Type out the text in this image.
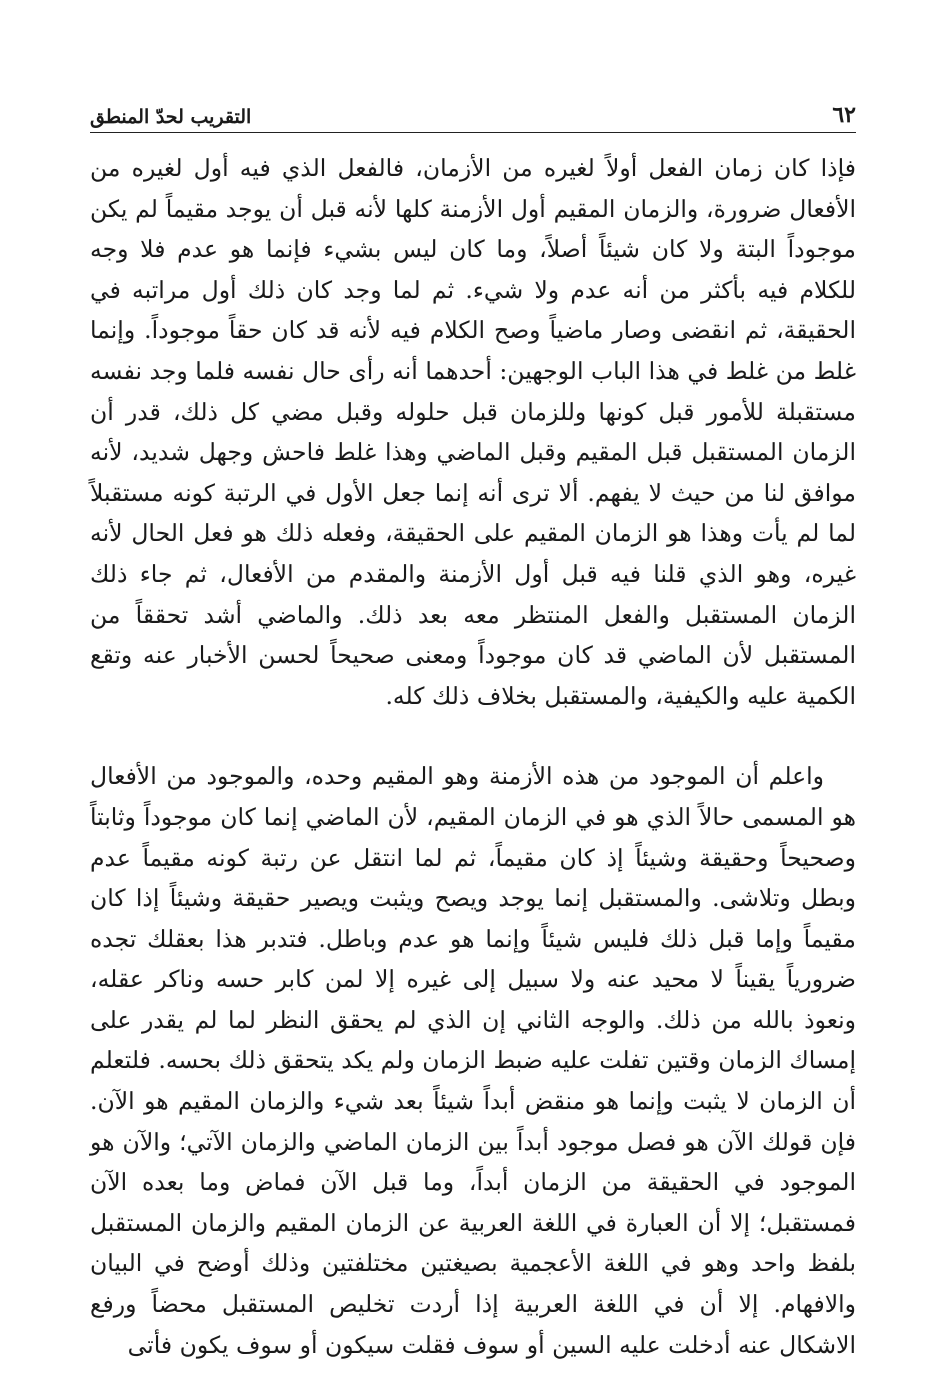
٦٢
التقريب لحدّ المنطق

فإذا كان زمان الفعل أولاً لغيره من الأزمان، فالفعل الذي فيه أول لغيره من الأفعال ضرورة، والزمان المقيم أول الأزمنة كلها لأنه قبل أن يوجد مقيماً لم يكن موجوداً البتة ولا كان شيئاً أصلاً، وما كان ليس بشيء فإنما هو عدم فلا وجه للكلام فيه بأكثر من أنه عدم ولا شيء. ثم لما وجد كان ذلك أول مراتبه في الحقيقة، ثم انقضى وصار ماضياً وصح الكلام فيه لأنه قد كان حقاً موجوداً. وإنما غلط من غلط في هذا الباب الوجهين: أحدهما أنه رأى حال نفسه فلما وجد نفسه مستقبلة للأمور قبل كونها وللزمان قبل حلوله وقبل مضي كل ذلك، قدر أن الزمان المستقبل قبل المقيم وقبل الماضي وهذا غلط فاحش وجهل شديد، لأنه موافق لنا من حيث لا يفهم. ألا ترى أنه إنما جعل الأول في الرتبة كونه مستقبلاً لما لم يأت وهذا هو الزمان المقيم على الحقيقة، وفعله ذلك هو فعل الحال لأنه غيره، وهو الذي قلنا فيه قبل أول الأزمنة والمقدم من الأفعال، ثم جاء ذلك الزمان المستقبل والفعل المنتظر معه بعد ذلك. والماضي أشد تحققاً من المستقبل لأن الماضي قد كان موجوداً ومعنى صحيحاً لحسن الأخبار عنه وتقع الكمية عليه والكيفية، والمستقبل بخلاف ذلك كله.

واعلم أن الموجود من هذه الأزمنة وهو المقيم وحده، والموجود من الأفعال هو المسمى حالاً الذي هو في الزمان المقيم، لأن الماضي إنما كان موجوداً وثابتاً وصحيحاً وحقيقة وشيئاً إذ كان مقيماً، ثم لما انتقل عن رتبة كونه مقيماً عدم وبطل وتلاشى. والمستقبل إنما يوجد ويصح ويثبت ويصير حقيقة وشيئاً إذا كان مقيماً وإما قبل ذلك فليس شيئاً وإنما هو عدم وباطل. فتدبر هذا بعقلك تجده ضرورياً يقيناً لا محيد عنه ولا سبيل إلى غيره إلا لمن كابر حسه وناكر عقله، ونعوذ بالله من ذلك. والوجه الثاني إن الذي لم يحقق النظر لما لم يقدر على إمساك الزمان وقتين تفلت عليه ضبط الزمان ولم يكد يتحقق ذلك بحسه. فلتعلم أن الزمان لا يثبت وإنما هو منقض أبداً شيئاً بعد شيء والزمان المقيم هو الآن. فإن قولك الآن هو فصل موجود أبداً بين الزمان الماضي والزمان الآتي؛ والآن هو الموجود في الحقيقة من الزمان أبداً، وما قبل الآن فماض وما بعده الآن فمستقبل؛ إلا أن العبارة في اللغة العربية عن الزمان المقيم والزمان المستقبل بلفظ واحد وهو في اللغة الأعجمية بصيغتين مختلفتين وذلك أوضح في البيان والافهام. إلا أن في اللغة العربية إذا أردت تخليص المستقبل محضاً ورفع الاشكال عنه أدخلت عليه السين أو سوف فقلت سيكون أو سوف يكون فأتى
